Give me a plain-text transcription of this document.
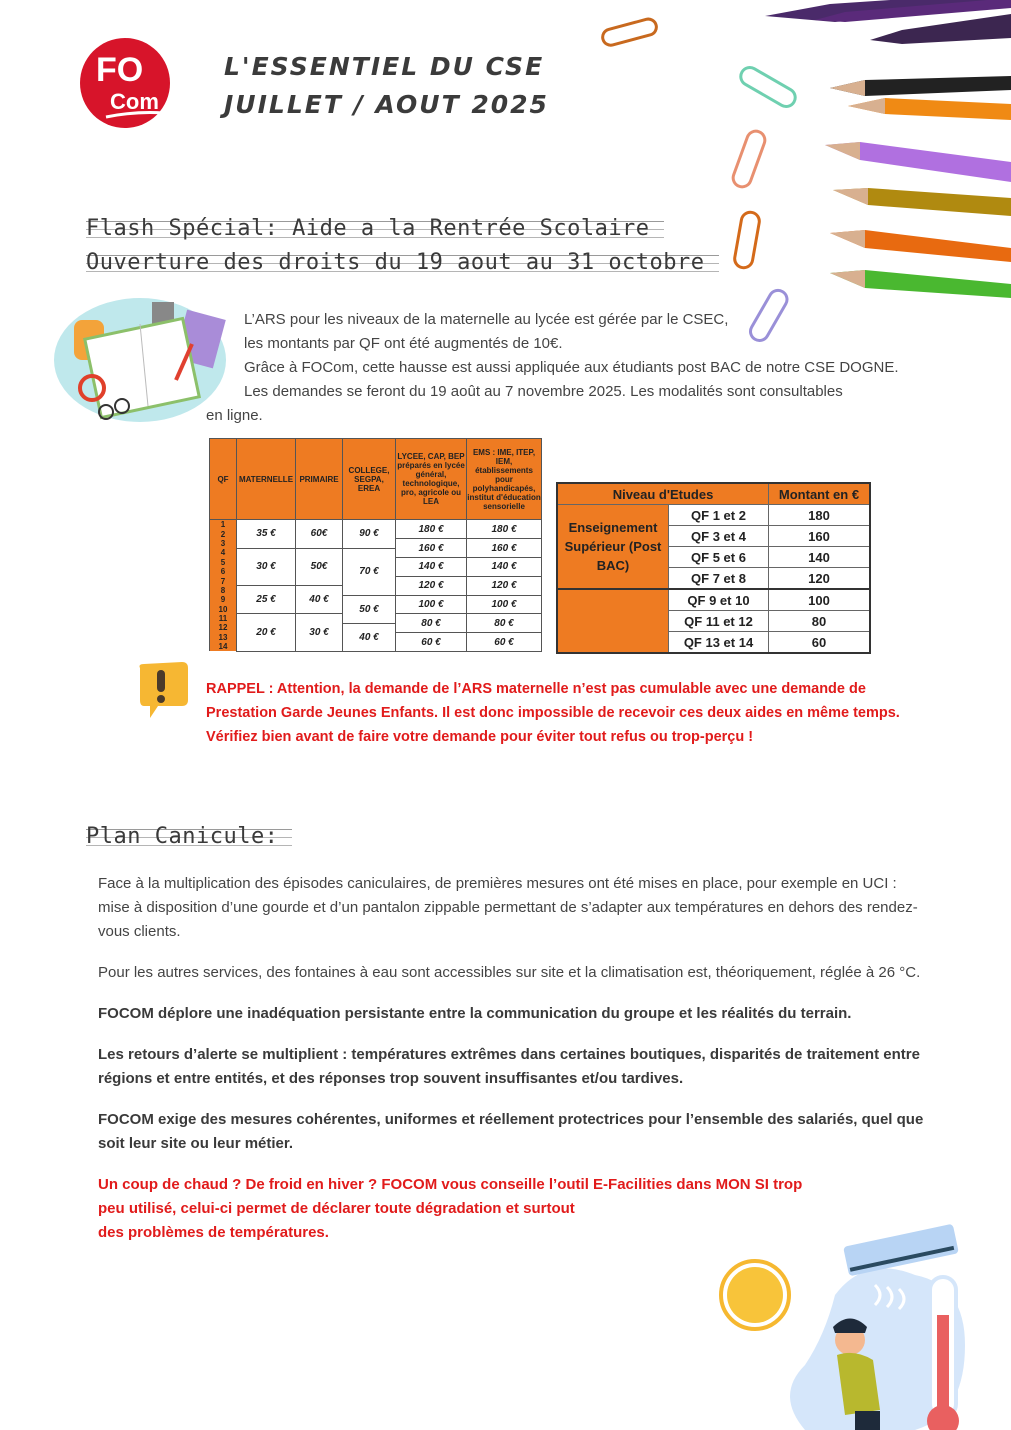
FO
Com
L'ESSENTIEL DU CSE
JUILLET / AOUT 2025
Flash Spécial: Aide a la Rentrée Scolaire
Ouverture des droits du 19 aout au 31 octobre
L’ARS pour les niveaux de la maternelle au lycée est gérée par le CSEC,
les montants par QF ont été augmentés de 10€.
Grâce à FOCom, cette hausse est aussi appliquée aux étudiants post BAC de notre CSE DOGNE.
Les demandes se feront du 19 août au 7 novembre 2025. Les modalités sont consultables
en ligne.
QF	MATERNELLE	PRIMAIRE	COLLEGE, SEGPA, EREA	LYCEE, CAP, BEP préparés en lycée général, technologique, pro, agricole ou LEA	EMS : IME, ITEP, IEM, établissements pour polyhandicapés, institut d'éducation sensorielle
1	35 €	60€	90 €	180 €	180 €
2					
3				160 €	160 €
4	30 €	50€	70 €		
5				140 €	140 €
6					
7				120 €	120 €
8	25 €	40 €			
9			50 €	100 €	100 €
10					
11	20 €	30 €		80 €	80 €
12			40 €		
13				60 €	60 €
14					
Niveau d'Etudes		Montant en €
Enseignement Supérieur (Post BAC)	QF 1 et 2	180
	QF 3 et 4	160
	QF 5 et 6	140
	QF 7 et 8	120
	QF 9 et 10	100
	QF 11 et 12	80
	QF 13 et 14	60
RAPPEL : Attention, la demande de l’ARS maternelle n’est pas cumulable avec une demande de Prestation Garde Jeunes Enfants. Il est donc impossible de recevoir ces deux aides en même temps.
Vérifiez bien avant de faire votre demande pour éviter tout refus ou trop-perçu !
Plan Canicule:

Face à la multiplication des épisodes caniculaires, de premières mesures ont été mises en place, pour exemple en UCI : mise à disposition d’une gourde et d’un pantalon zippable permettant de s’adapter aux températures en dehors des rendez-vous clients.

Pour les autres services, des fontaines à eau sont accessibles sur site et la climatisation est, théoriquement, réglée à 26 °C.

FOCOM déplore une inadéquation persistante entre la communication du groupe et les réalités du terrain.

Les retours d’alerte se multiplient : températures extrêmes dans certaines boutiques, disparités de traitement entre régions et entre entités, et des réponses trop souvent insuffisantes et/ou tardives.

FOCOM exige des mesures cohérentes, uniformes et réellement protectrices pour l’ensemble des salariés, quel que soit leur site ou leur métier.

Un coup de chaud ? De froid en hiver ? FOCOM vous conseille l’outil E-Facilities dans MON SI trop
peu utilisé, celui-ci permet de déclarer toute dégradation et surtout
des problèmes de températures.
